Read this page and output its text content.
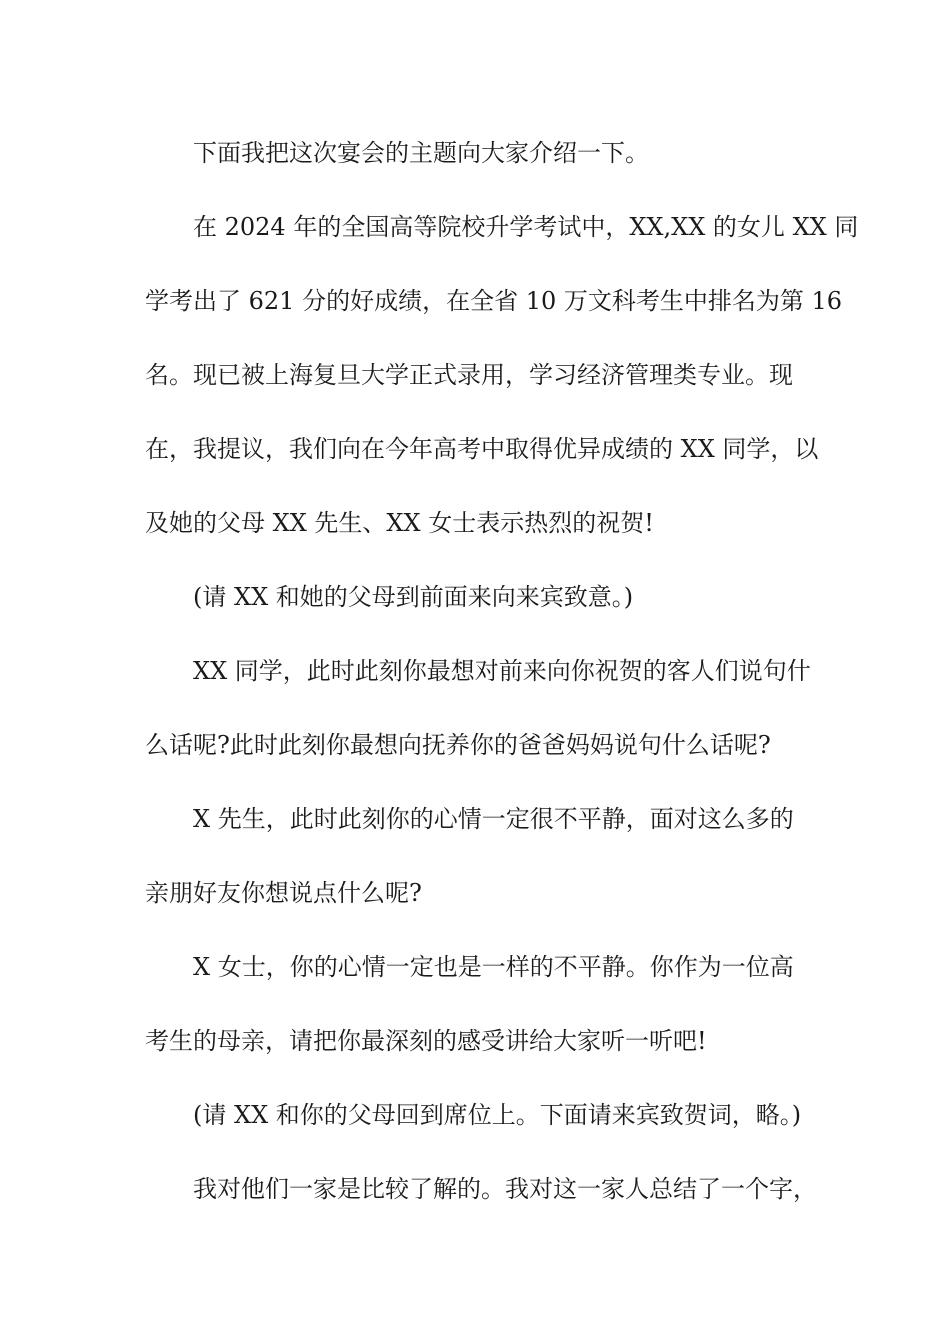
下面我把这次宴会的主题向大家介绍一下。
在 2024 年的全国高等院校升学考试中，XX,XX 的女儿 XX 同
学考出了 621 分的好成绩，在全省 10 万文科考生中排名为第 16
名。现已被上海复旦大学正式录用，学习经济管理类专业。现
在，我提议，我们向在今年高考中取得优异成绩的 XX 同学，以
及她的父母 XX 先生、XX 女士表示热烈的祝贺!
(请 XX 和她的父母到前面来向来宾致意。)
XX 同学，此时此刻你最想对前来向你祝贺的客人们说句什
么话呢?此时此刻你最想向抚养你的爸爸妈妈说句什么话呢?
X 先生，此时此刻你的心情一定很不平静，面对这么多的
亲朋好友你想说点什么呢?
X 女士，你的心情一定也是一样的不平静。你作为一位高
考生的母亲，请把你最深刻的感受讲给大家听一听吧!
(请 XX 和你的父母回到席位上。下面请来宾致贺词，略。)
我对他们一家是比较了解的。我对这一家人总结了一个字，
